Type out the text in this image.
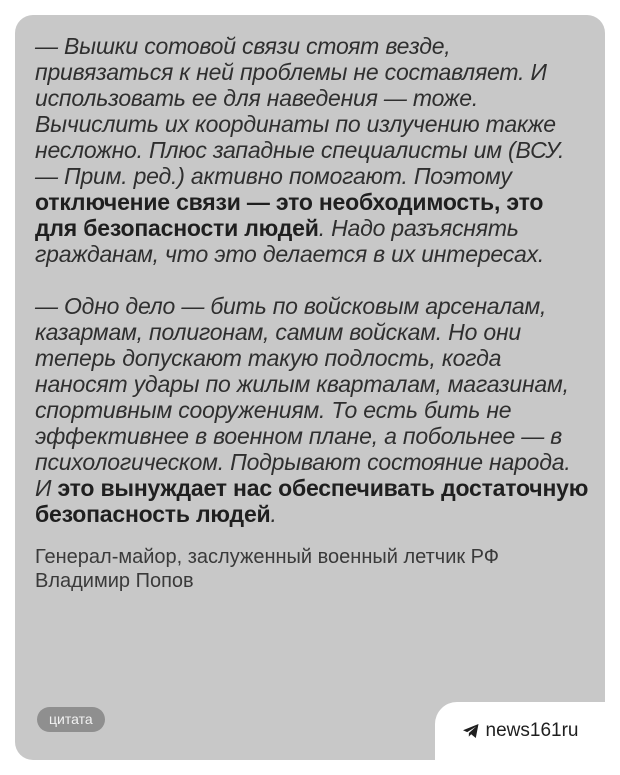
— Вышки сотовой связи стоят везде, привязаться к ней проблемы не составляет. И использовать ее для наведения — тоже. Вычислить их координаты по излучению также несложно. Плюс западные специалисты им (ВСУ. — Прим. ред.) активно помогают. Поэтому отключение связи — это необходимость, это для безопасности людей. Надо разъяснять гражданам, что это делается в их интересах.

— Одно дело — бить по войсковым арсеналам, казармам, полигонам, самим войскам. Но они теперь допускают такую подлость, когда наносят удары по жилым кварталам, магазинам, спортивным сооружениям. То есть бить не эффективнее в военном плане, а побольнее — в психологическом. Подрывают состояние народа. И это вынуждает нас обеспечивать достаточную безопасность людей.

Генерал-майор, заслуженный военный летчик РФ
Владимир Попов

цитата
news161ru
